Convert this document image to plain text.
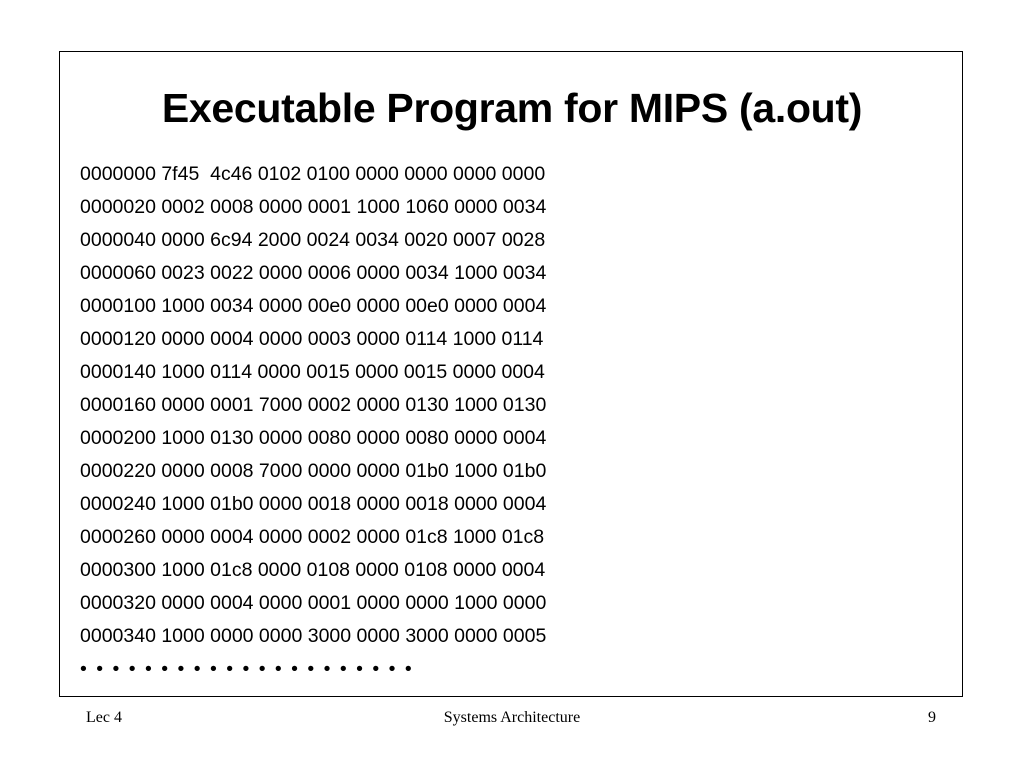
Executable Program for MIPS (a.out)
0000000 7f45  4c46 0102 0100 0000 0000 0000 0000
0000020 0002 0008 0000 0001 1000 1060 0000 0034
0000040 0000 6c94 2000 0024 0034 0020 0007 0028
0000060 0023 0022 0000 0006 0000 0034 1000 0034
0000100 1000 0034 0000 00e0 0000 00e0 0000 0004
0000120 0000 0004 0000 0003 0000 0114 1000 0114
0000140 1000 0114 0000 0015 0000 0015 0000 0004
0000160 0000 0001 7000 0002 0000 0130 1000 0130
0000200 1000 0130 0000 0080 0000 0080 0000 0004
0000220 0000 0008 7000 0000 0000 01b0 1000 01b0
0000240 1000 01b0 0000 0018 0000 0018 0000 0004
0000260 0000 0004 0000 0002 0000 01c8 1000 01c8
0000300 1000 01c8 0000 0108 0000 0108 0000 0004
0000320 0000 0004 0000 0001 0000 0000 1000 0000
0000340 1000 0000 0000 3000 0000 3000 0000 0005
• • • • • • • • • • • • • • • • • • • • •
Lec 4	Systems Architecture	9
